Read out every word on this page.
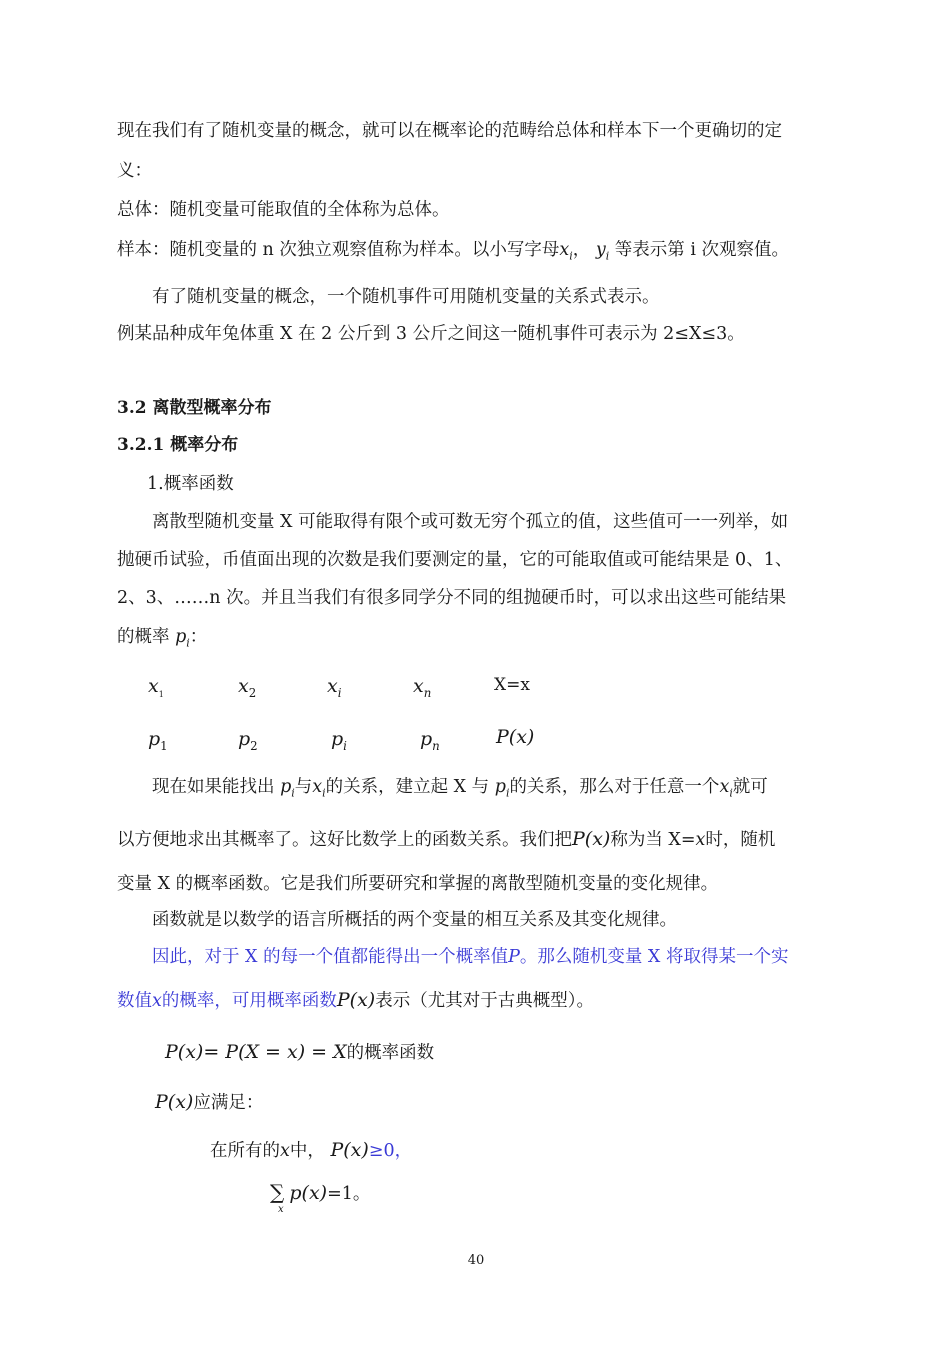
现在我们有了随机变量的概念，就可以在概率论的范畴给总体和样本下一个更确切的定

义：

总体：随机变量可能取值的全体称为总体。

样本：随机变量的 n 次独立观察值称为样本。以小写字母$x_i$， $y_i$ 等表示第 i 次观察值。

有了随机变量的概念，一个随机事件可用随机变量的关系式表示。

例某品种成年兔体重 X 在 2 公斤到 3 公斤之间这一随机事件可表示为 2≤X≤3。

3.2 离散型概率分布

3.2.1 概率分布

1.概率函数

离散型随机变量 X 可能取得有限个或可数无穷个孤立的值，这些值可一一列举，如

抛硬币试验，币值面出现的次数是我们要测定的量，它的可能取值或可能结果是 0、1、

2、3、……n 次。并且当我们有很多同学分不同的组抛硬币时，可以求出这些可能结果

的概率 $p_i$：

$x_1$	$x_2$	$x_i$	$x_n$	X=x
$p_1$	$p_2$	$p_i$	$p_n$	P(x)

现在如果能找出 $p_i$与$x_i$的关系，建立起 X 与 $p_i$的关系，那么对于任意一个$x_i$就可

以方便地求出其概率了。这好比数学上的函数关系。我们把P(x)称为当 X=x时，随机

变量 X 的概率函数。它是我们所要研究和掌握的离散型随机变量的变化规律。

函数就是以数学的语言所概括的两个变量的相互关系及其变化规律。

因此，对于 X 的每一个值都能得出一个概率值P。那么随机变量 X 将取得某一个实

数值x的概率，可用概率函数P(x)表示（尤其对于古典概型）。

P(x)= P(X = x) = X的概率函数

P(x)应满足：

在所有的x中， P(x)≥0，

∑
x
p(x)=1。
40
